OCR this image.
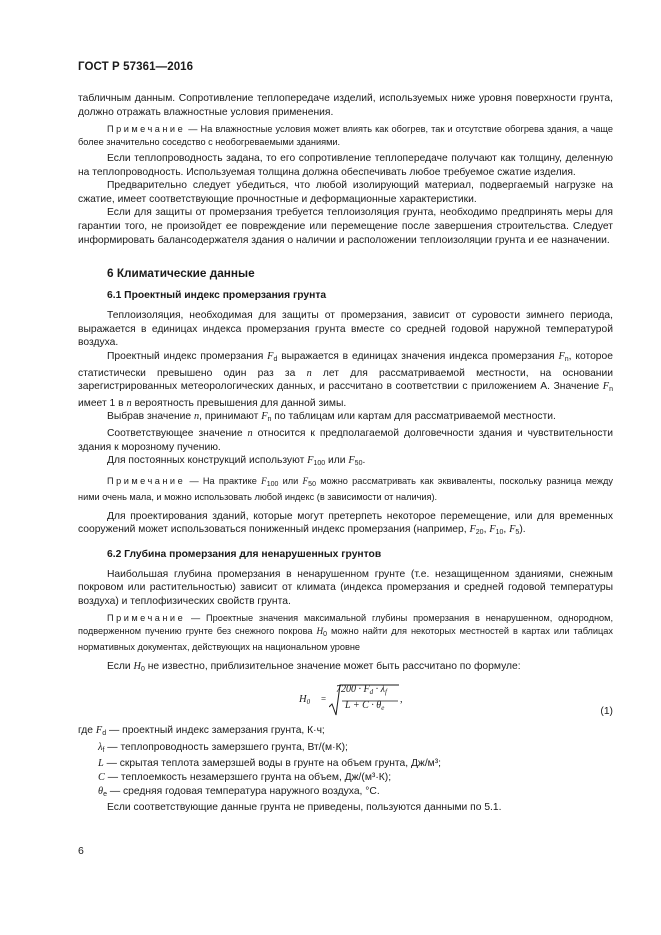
ГОСТ Р 57361—2016

табличным данным. Сопротивление теплопередаче изделий, используемых ниже уровня поверхности грунта, должно отражать влажностные условия применения.

Примечание — На влажностные условия может влиять как обогрев, так и отсутствие обогрева здания, а чаще более значительно соседство с необогреваемыми зданиями.

Если теплопроводность задана, то его сопротивление теплопередаче получают как толщину, деленную на теплопроводность. Используемая толщина должна обеспечивать любое требуемое сжатие изделия.

Предварительно следует убедиться, что любой изолирующий материал, подвергаемый нагрузке на сжатие, имеет соответствующие прочностные и деформационные характеристики.

Если для защиты от промерзания требуется теплоизоляция грунта, необходимо предпринять меры для гарантии того, не произойдет ее повреждение или перемещение после завершения строительства. Следует информировать балансодержателя здания о наличии и расположении теплоизоляции грунта и ее назначении.

6 Климатические данные
6.1 Проектный индекс промерзания грунта

Теплоизоляция, необходимая для защиты от промерзания, зависит от суровости зимнего периода, выражается в единицах индекса промерзания грунта вместе со средней годовой наружной температурой воздуха.

Проектный индекс промерзания $F_d$ выражается в единицах значения индекса промерзания $F_n$, которое статистически превышено один раз за n лет для рассматриваемой местности, на основании зарегистрированных метеорологических данных, и рассчитано в соответствии с приложением А. Значение $F_n$ имеет 1 в n вероятность превышения для данной зимы.

Выбрав значение n, принимают $F_n$ по таблицам или картам для рассматриваемой местности.

Соответствующее значение n относится к предполагаемой долговечности здания и чувствительности здания к морозному пучению.

Для постоянных конструкций используют $F_{100}$ или $F_{50}$.

Примечание — На практике $F_{100}$ или $F_{50}$ можно рассматривать как эквиваленты, поскольку разница между ними очень мала, и можно использовать любой индекс (в зависимости от наличия).

Для проектирования зданий, которые могут претерпеть некоторое перемещение, или для временных сооружений может использоваться пониженный индекс промерзания (например, $F_{20}$, $F_{10}$, $F_5$).

6.2 Глубина промерзания для ненарушенных грунтов

Наибольшая глубина промерзания в ненарушенном грунте (т.е. незащищенном зданиями, снежным покровом или растительностью) зависит от климата (индекса промерзания и средней годовой температуры воздуха) и теплофизических свойств грунта.

Примечание — Проектные значения максимальной глубины промерзания в ненарушенном, однородном, подверженном пучению грунте без снежного покрова $H_0$ можно найти для некоторых местностей в картах или таблицах нормативных документах, действующих на национальном уровне

Если $H_0$ не известно, приблизительное значение может быть рассчитано по формуле:

$H_0$ =
$7200 \cdot F_d \cdot \lambda_f$
$L + C \cdot \theta_e$
,
(1)

где $F_d$ — проектный индекс замерзания грунта, К·ч;

$\lambda_f$ — теплопроводность замерзшего грунта, Вт/(м·К);

L — скрытая теплота замерзшей воды в грунте на объем грунта, Дж/м³;

C — теплоемкость незамерзшего грунта на объем, Дж/(м³·К);

$\theta_e$ — средняя годовая температура наружного воздуха, °С.

Если соответствующие данные грунта не приведены, пользуются данными по 5.1.

6
